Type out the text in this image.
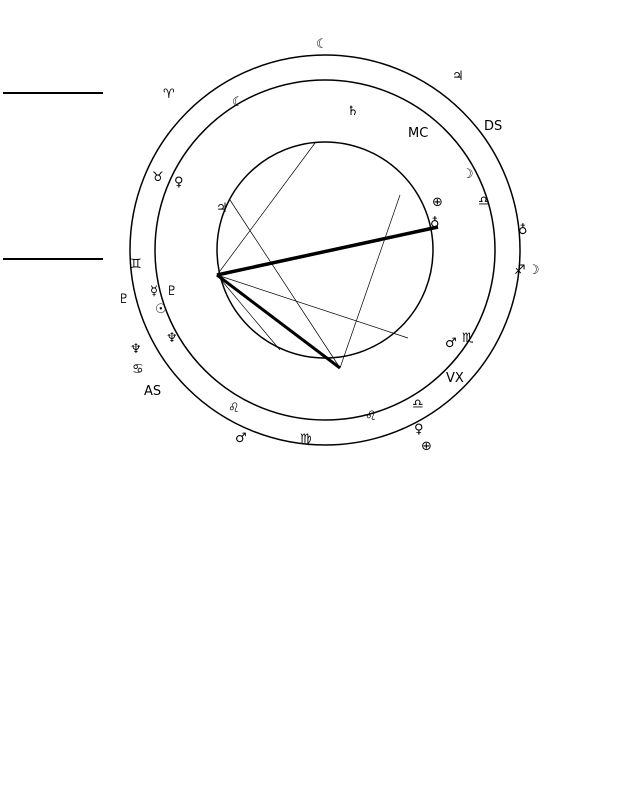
☾
♄
MC
♃
DS
☽
♎
⊕
♁	♁
☽
♐
♂ ♏
VX
♃
♉ ♀
♊
♇
☿ ♇
☉
♆
♆
♋
AS
♌
♍
♌
♂
♀
⊕
♎
♈
☾
